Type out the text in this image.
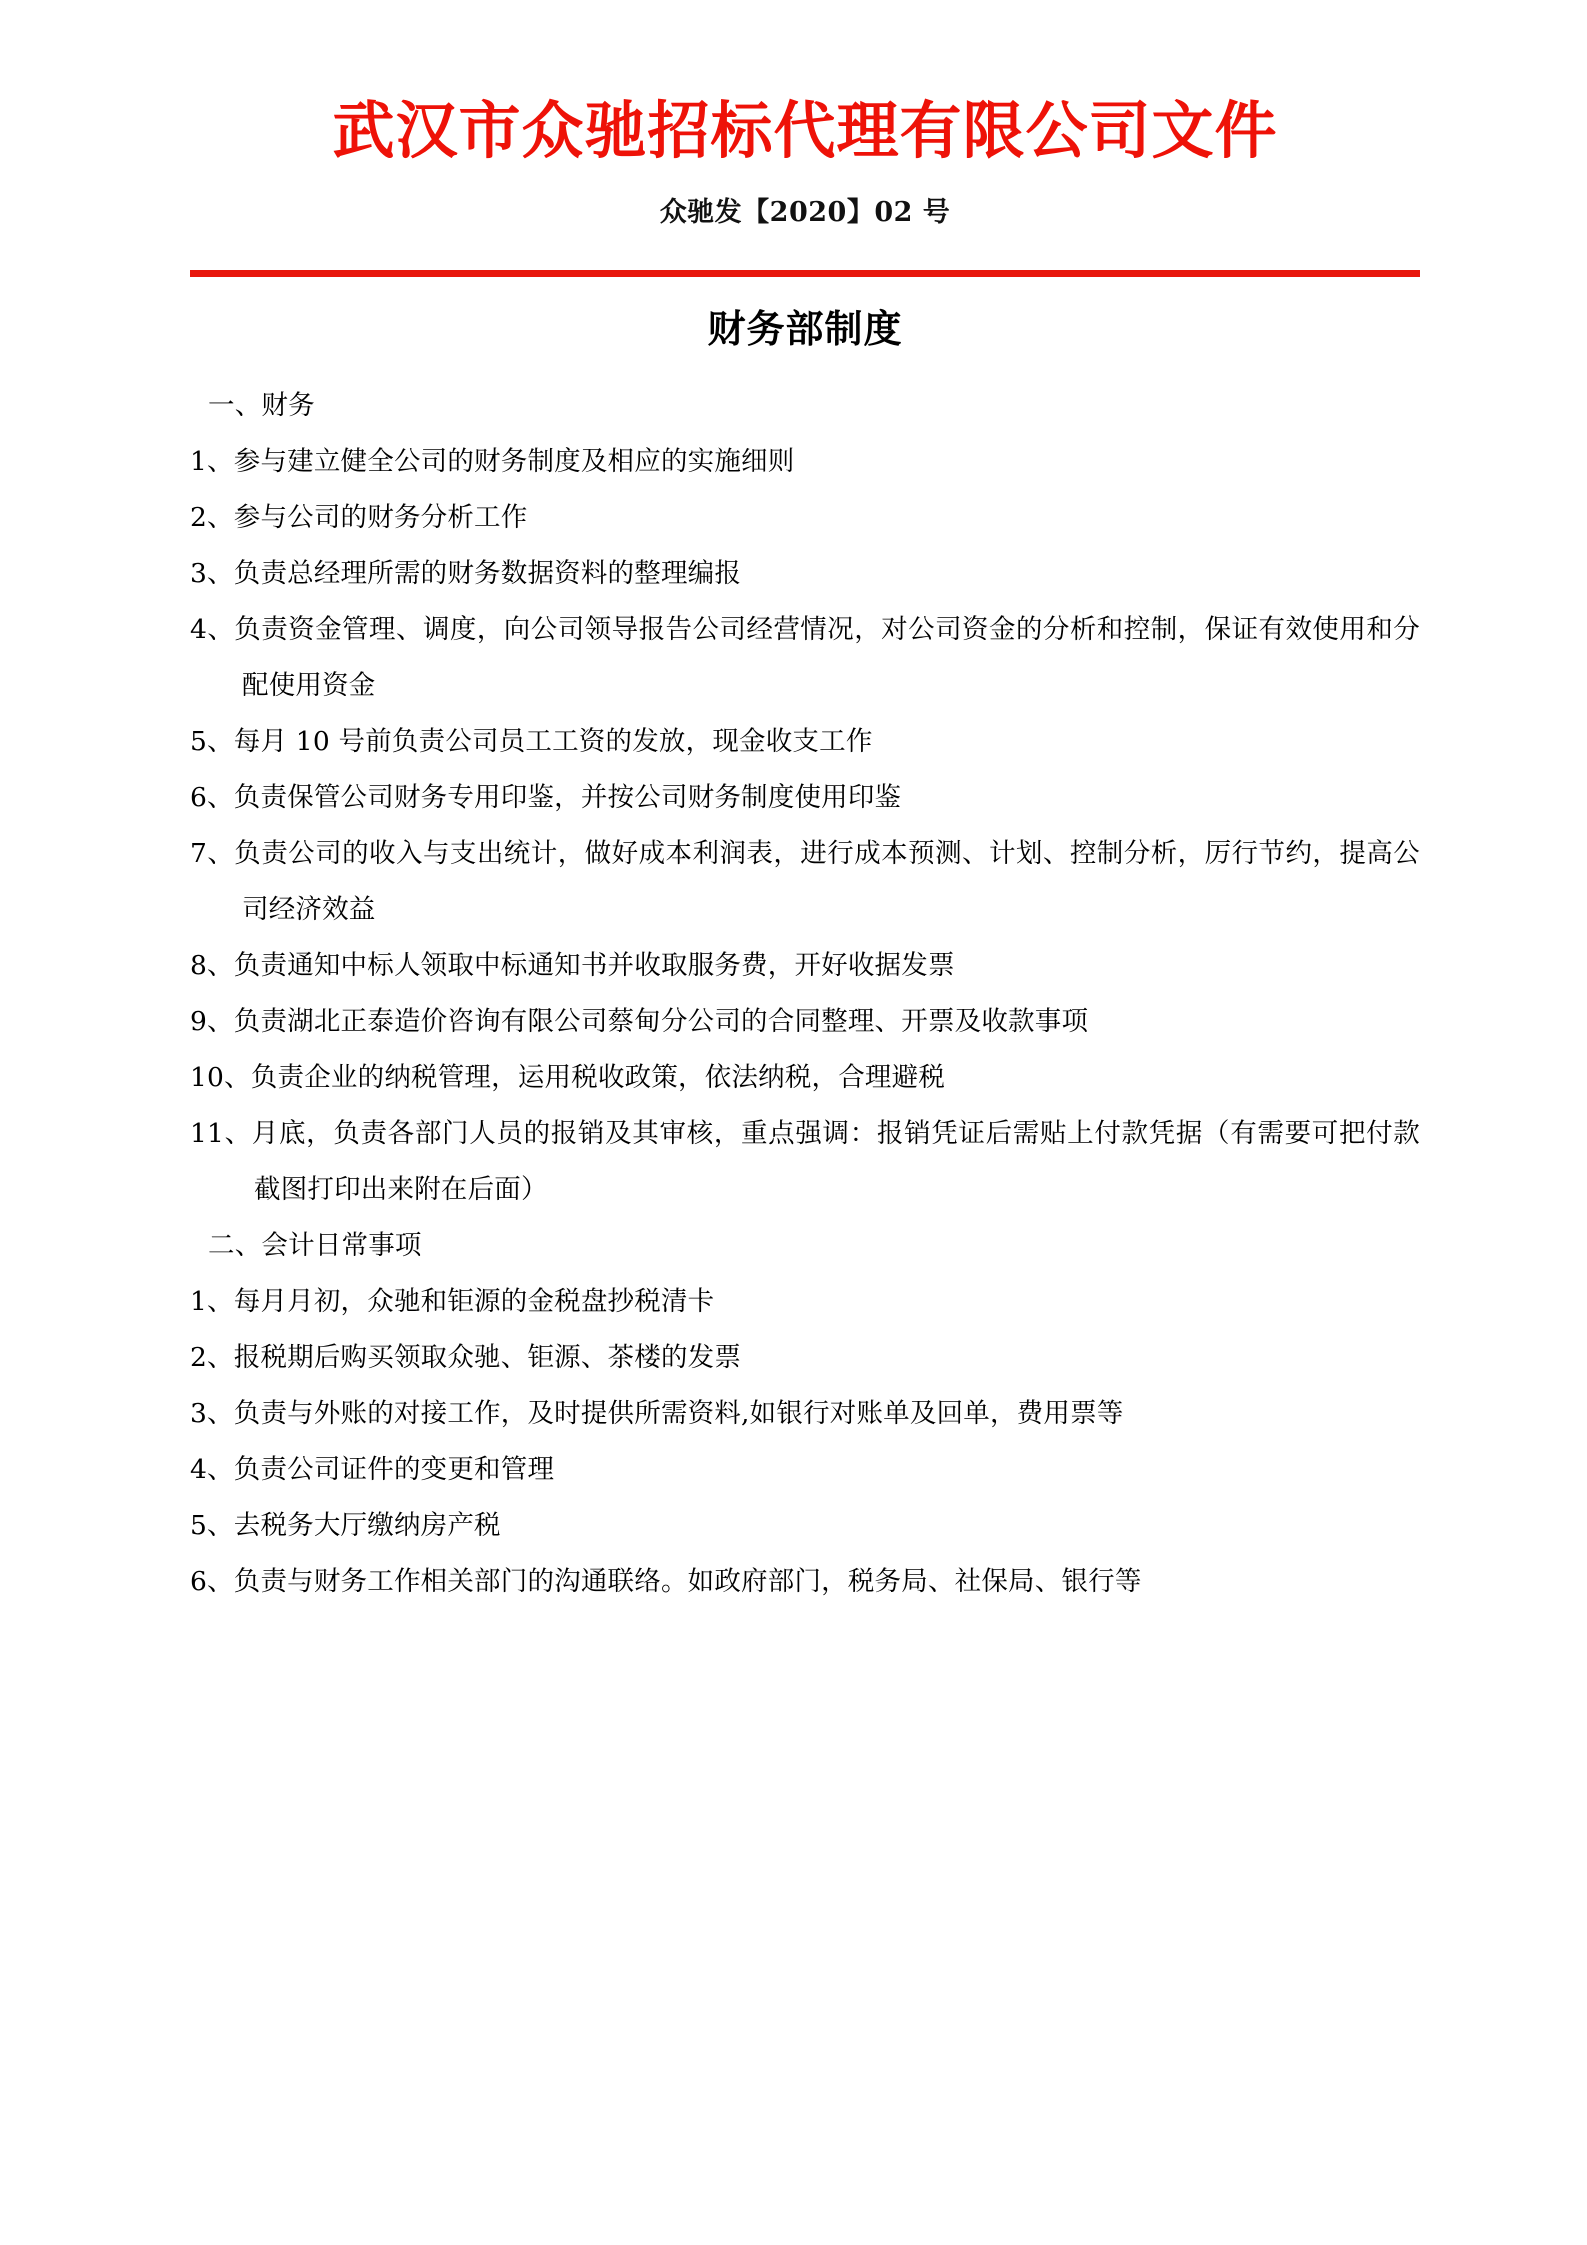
武汉市众驰招标代理有限公司文件

众驰发【2020】02 号

财务部制度

一、财务

1、参与建立健全公司的财务制度及相应的实施细则

2、参与公司的财务分析工作

3、负责总经理所需的财务数据资料的整理编报

4、负责资金管理、调度，向公司领导报告公司经营情况，对公司资金的分析和控制，保证有效使用和分配使用资金

5、每月 10 号前负责公司员工工资的发放，现金收支工作

6、负责保管公司财务专用印鉴，并按公司财务制度使用印鉴

7、负责公司的收入与支出统计，做好成本利润表，进行成本预测、计划、控制分析，厉行节约，提高公司经济效益

8、负责通知中标人领取中标通知书并收取服务费，开好收据发票

9、负责湖北正泰造价咨询有限公司蔡甸分公司的合同整理、开票及收款事项

10、负责企业的纳税管理，运用税收政策，依法纳税，合理避税

11、月底，负责各部门人员的报销及其审核，重点强调：报销凭证后需贴上付款凭据（有需要可把付款截图打印出来附在后面）

二、会计日常事项

1、每月月初，众驰和钜源的金税盘抄税清卡

2、报税期后购买领取众驰、钜源、茶楼的发票

3、负责与外账的对接工作，及时提供所需资料,如银行对账单及回单，费用票等

4、负责公司证件的变更和管理

5、去税务大厅缴纳房产税

6、负责与财务工作相关部门的沟通联络。如政府部门，税务局、社保局、银行等
